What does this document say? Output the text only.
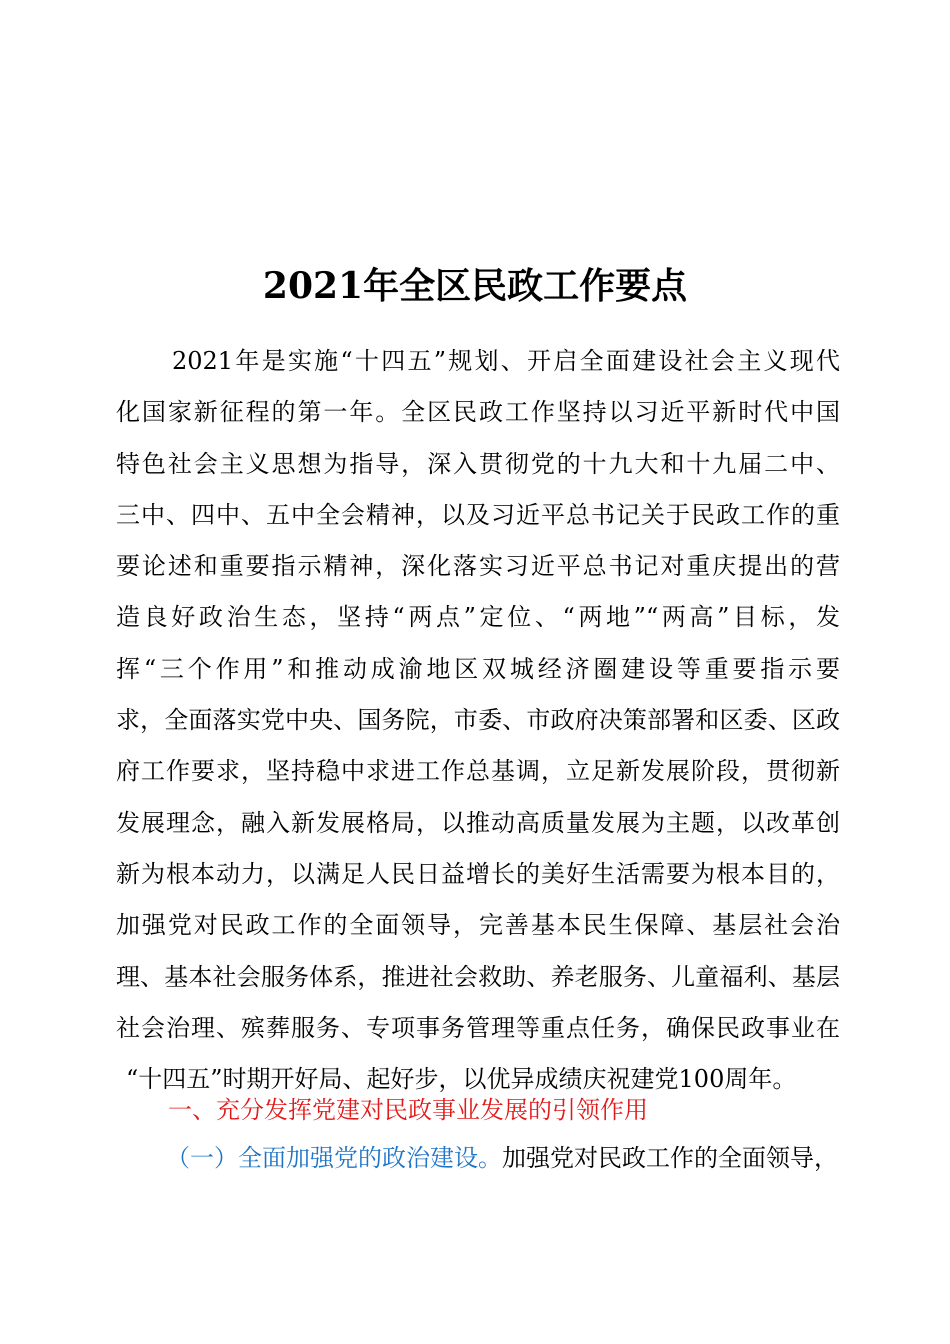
2021年全区民政工作要点
2021年是实施“十四五”规划、开启全面建设社会主义现代
化国家新征程的第一年。全区民政工作坚持以习近平新时代中国
特色社会主义思想为指导，深入贯彻党的十九大和十九届二中、
三中、四中、五中全会精神，以及习近平总书记关于民政工作的重
要论述和重要指示精神，深化落实习近平总书记对重庆提出的营
造良好政治生态，坚持“两点”定位、“两地”“两高”目标，发
挥“三个作用”和推动成渝地区双城经济圈建设等重要指示要
求，全面落实党中央、国务院，市委、市政府决策部署和区委、区政
府工作要求，坚持稳中求进工作总基调，立足新发展阶段，贯彻新
发展理念，融入新发展格局，以推动高质量发展为主题，以改革创
新为根本动力，以满足人民日益增长的美好生活需要为根本目的，
加强党对民政工作的全面领导，完善基本民生保障、基层社会治
理、基本社会服务体系，推进社会救助、养老服务、儿童福利、基层
社会治理、殡葬服务、专项事务管理等重点任务，确保民政事业在
“十四五”时期开好局、起好步，以优异成绩庆祝建党100周年。
一、充分发挥党建对民政事业发展的引领作用
（一）全面加强党的政治建设。加强党对民政工作的全面领导，
